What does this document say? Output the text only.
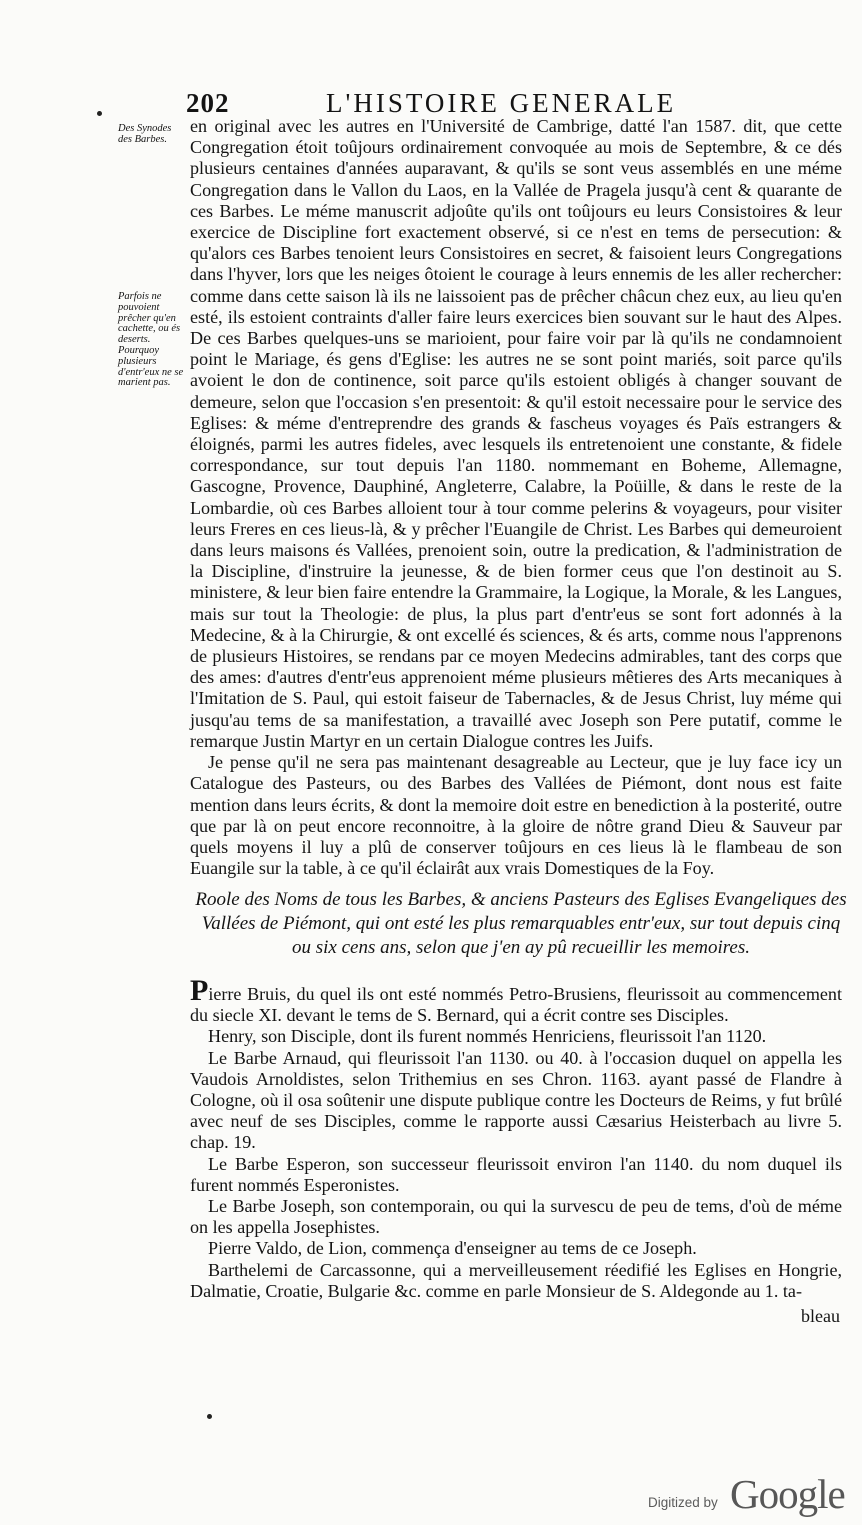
202	L'HISTOIRE GENERALE
Des Synodes des Barbes.
Parfois ne pouvoient prêcher qu'en cachette, ou és deserts. Pourquoy plusieurs d'entr'eux ne se marient pas.

en original avec les autres en l'Université de Cambrige, datté l'an 1587. dit, que cette Congregation étoit toûjours ordinairement convoquée au mois de Septembre, & ce dés plusieurs centaines d'années auparavant, & qu'ils se sont veus assemblés en une méme Congregation dans le Vallon du Laos, en la Vallée de Pragela jusqu'à cent & quarante de ces Barbes. Le méme manuscrit adjoûte qu'ils ont toûjours eu leurs Consistoires & leur exercice de Discipline fort exactement observé, si ce n'est en tems de persecution: & qu'alors ces Barbes tenoient leurs Consistoires en secret, & faisoient leurs Congregations dans l'hyver, lors que les neiges ôtoient le courage à leurs ennemis de les aller rechercher: comme dans cette saison là ils ne laissoient pas de prêcher châcun chez eux, au lieu qu'en esté, ils estoient contraints d'aller faire leurs exercices bien souvant sur le haut des Alpes. De ces Barbes quelques-uns se marioient, pour faire voir par là qu'ils ne condamnoient point le Mariage, és gens d'Eglise: les autres ne se sont point mariés, soit parce qu'ils avoient le don de continence, soit parce qu'ils estoient obligés à changer souvant de demeure, selon que l'occasion s'en presentoit: & qu'il estoit necessaire pour le service des Eglises: & méme d'entreprendre des grands & fascheus voyages és Païs estrangers & éloignés, parmi les autres fideles, avec lesquels ils entretenoient une constante, & fidele correspondance, sur tout depuis l'an 1180. nommemant en Boheme, Allemagne, Gascogne, Provence, Dauphiné, Angleterre, Calabre, la Poüille, & dans le reste de la Lombardie, où ces Barbes alloient tour à tour comme pelerins & voyageurs, pour visiter leurs Freres en ces lieus-là, & y prêcher l'Euangile de Christ. Les Barbes qui demeuroient dans leurs maisons és Vallées, prenoient soin, outre la predication, & l'administration de la Discipline, d'instruire la jeunesse, & de bien former ceus que l'on destinoit au S. ministere, & leur bien faire entendre la Grammaire, la Logique, la Morale, & les Langues, mais sur tout la Theologie: de plus, la plus part d'entr'eus se sont fort adonnés à la Medecine, & à la Chirurgie, & ont excellé és sciences, & és arts, comme nous l'apprenons de plusieurs Histoires, se rendans par ce moyen Medecins admirables, tant des corps que des ames: d'autres d'entr'eus apprenoient méme plusieurs mêtieres des Arts mecaniques à l'Imitation de S. Paul, qui estoit faiseur de Tabernacles, & de Jesus Christ, luy méme qui jusqu'au tems de sa manifestation, a travaillé avec Joseph son Pere putatif, comme le remarque Justin Martyr en un certain Dialogue contres les Juifs.

Je pense qu'il ne sera pas maintenant desagreable au Lecteur, que je luy face icy un Catalogue des Pasteurs, ou des Barbes des Vallées de Piémont, dont nous est faite mention dans leurs écrits, & dont la memoire doit estre en benediction à la posterité, outre que par là on peut encore reconnoitre, à la gloire de nôtre grand Dieu & Sauveur par quels moyens il luy a plû de conserver toûjours en ces lieus là le flambeau de son Euangile sur la table, à ce qu'il éclairât aux vrais Domestiques de la Foy.

Roole des Noms de tous les Barbes, & anciens Pasteurs des Eglises Evangeliques des Vallées de Piémont, qui ont esté les plus remarquables entr'eux, sur tout depuis cinq ou six cens ans, selon que j'en ay pû recueillir les memoires.

Pierre Bruis, du quel ils ont esté nommés Petro-Brusiens, fleurissoit au commencement du siecle XI. devant le tems de S. Bernard, qui a écrit contre ses Disciples.

Henry, son Disciple, dont ils furent nommés Henriciens, fleurissoit l'an 1120.

Le Barbe Arnaud, qui fleurissoit l'an 1130. ou 40. à l'occasion duquel on appella les Vaudois Arnoldistes, selon Trithemius en ses Chron. 1163. ayant passé de Flandre à Cologne, où il osa soûtenir une dispute publique contre les Docteurs de Reims, y fut brûlé avec neuf de ses Disciples, comme le rapporte aussi Cæsarius Heisterbach au livre 5. chap. 19.

Le Barbe Esperon, son successeur fleurissoit environ l'an 1140. du nom duquel ils furent nommés Esperonistes.

Le Barbe Joseph, son contemporain, ou qui la survescu de peu de tems, d'où de méme on les appella Josephistes.

Pierre Valdo, de Lion, commença d'enseigner au tems de ce Joseph.

Barthelemi de Carcassonne, qui a merveilleusement réedifié les Eglises en Hongrie, Dalmatie, Croatie, Bulgarie &c. comme en parle Monsieur de S. Aldegonde au 1. ta-

bleau
Digitized by Google
